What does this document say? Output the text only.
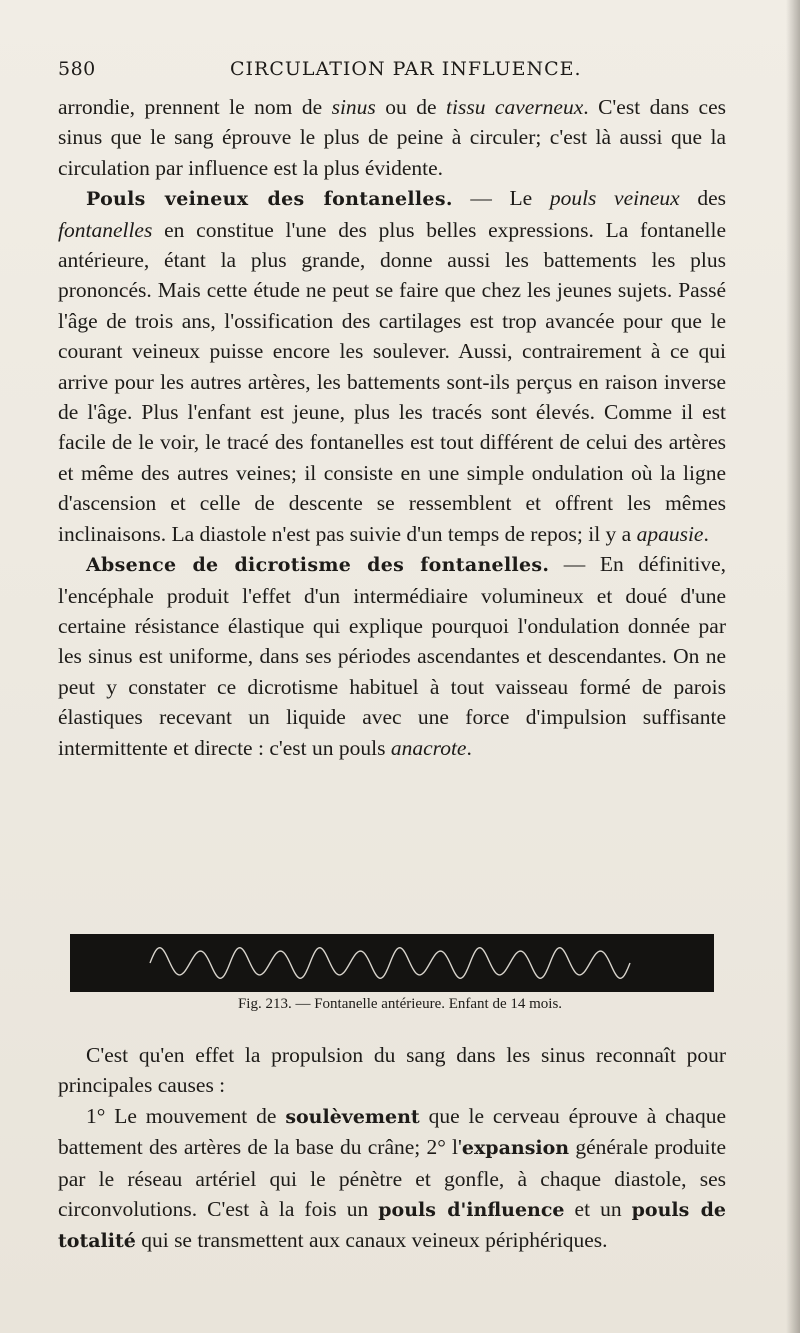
580	CIRCULATION PAR INFLUENCE.

arrondie, prennent le nom de sinus ou de tissu caverneux. C'est dans ces sinus que le sang éprouve le plus de peine à circuler; c'est là aussi que la circulation par influence est la plus évidente.

Pouls veineux des fontanelles. — Le pouls veineux des fontanelles en constitue l'une des plus belles expressions. La fontanelle antérieure, étant la plus grande, donne aussi les battements les plus prononcés. Mais cette étude ne peut se faire que chez les jeunes sujets. Passé l'âge de trois ans, l'ossification des cartilages est trop avancée pour que le courant veineux puisse encore les soulever. Aussi, contrairement à ce qui arrive pour les autres artères, les battements sont-ils perçus en raison inverse de l'âge. Plus l'enfant est jeune, plus les tracés sont élevés. Comme il est facile de le voir, le tracé des fontanelles est tout différent de celui des artères et même des autres veines; il consiste en une simple ondulation où la ligne d'ascension et celle de descente se ressemblent et offrent les mêmes inclinaisons. La diastole n'est pas suivie d'un temps de repos; il y a apausie.

Absence de dicrotisme des fontanelles. — En définitive, l'encéphale produit l'effet d'un intermédiaire volumineux et doué d'une certaine résistance élastique qui explique pourquoi l'ondulation donnée par les sinus est uniforme, dans ses périodes ascendantes et descendantes. On ne peut y constater ce dicrotisme habituel à tout vaisseau formé de parois élastiques recevant un liquide avec une force d'impulsion suffisante intermittente et directe : c'est un pouls anacrote.

Fig. 213. — Fontanelle antérieure. Enfant de 14 mois.

C'est qu'en effet la propulsion du sang dans les sinus reconnaît pour principales causes :

1° Le mouvement de soulèvement que le cerveau éprouve à chaque battement des artères de la base du crâne; 2° l'expansion générale produite par le réseau artériel qui le pénètre et gonfle, à chaque diastole, ses circonvolutions. C'est à la fois un pouls d'influence et un pouls de totalité qui se transmettent aux canaux veineux périphériques.
